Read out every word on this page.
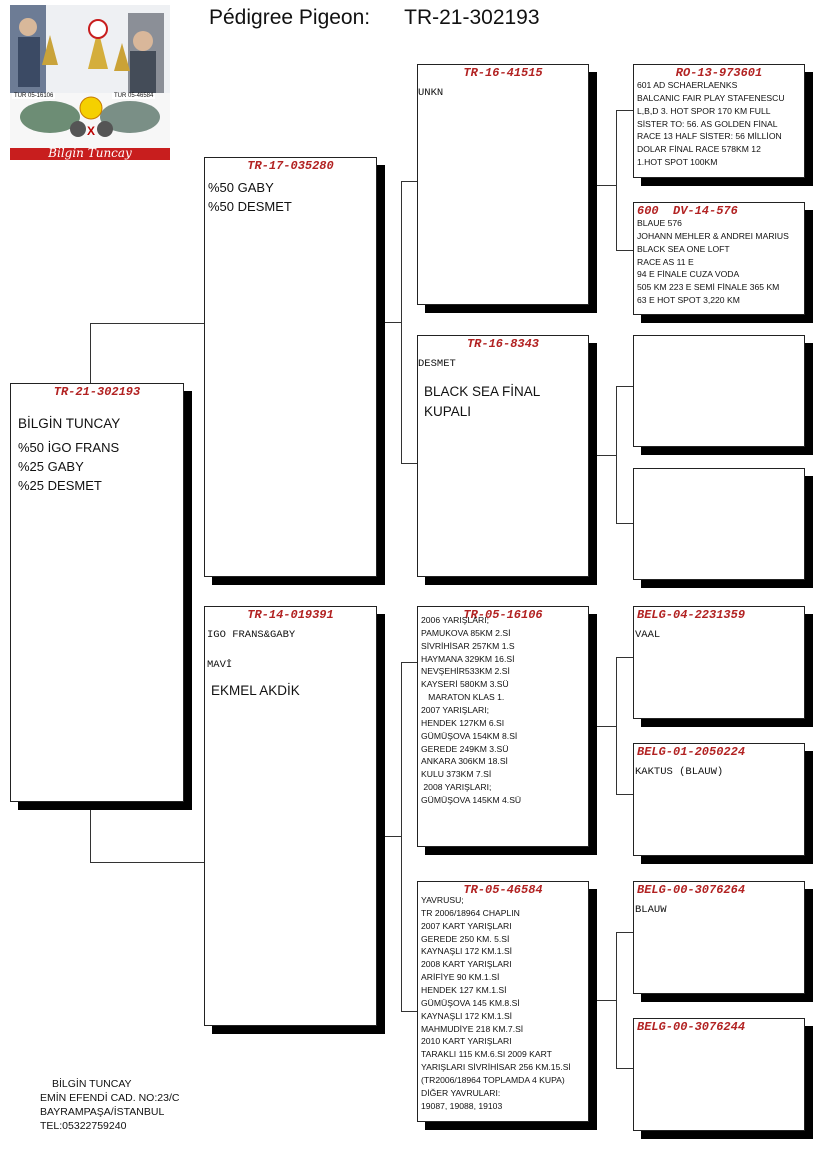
Pédigree Pigeon: TR-21-302193
X
TUR 05-16106	TUR 05-46584
Bilgin Tuncay
TR-21-302193
BİLGİN TUNCAY
%50 İGO FRANS
%25 GABY
%25 DESMET
TR-17-035280
%50 GABY
%50 DESMET
TR-14-019391
IGO FRANS&GABY
MAVİ
EKMEL AKDİK
TR-16-41515
UNKN
TR-16-8343
DESMET
BLACK SEA FİNAL
KUPALI
TR-05-16106
2006 YARIŞLARI;
PAMUKOVA 85KM 2.Sİ
SİVRİHİSAR 257KM 1.S
HAYMANA 329KM 16.Sİ
NEVŞEHİR533KM 2.Sİ
KAYSERİ 580KM 3.SÜ
MARATON KLAS 1.
2007 YARIŞLARI;
HENDEK 127KM 6.SI
GÜMÜŞOVA 154KM 8.Sİ
GEREDE 249KM 3.SÜ
ANKARA 306KM 18.Sİ
KULU 373KM 7.Sİ
2008 YARIŞLARI;
GÜMÜŞOVA 145KM 4.SÜ
TR-05-46584
YAVRUSU;
TR 2006/18964 CHAPLIN
2007 KART YARIŞLARI
GEREDE 250 KM. 5.Sİ
KAYNAŞLI 172 KM.1.Sİ
2008 KART YARIŞLARI
ARİFİYE 90 KM.1.Sİ
HENDEK 127 KM.1.Sİ
GÜMÜŞOVA 145 KM.8.Sİ
KAYNAŞLI 172 KM.1.Sİ
MAHMUDİYE 218 KM.7.Sİ
2010 KART YARIŞLARI
TARAKLI 115 KM.6.SI 2009 KART
YARIŞLARI SİVRİHİSAR 256 KM.15.Sİ
(TR2006/18964 TOPLAMDA 4 KUPA)
DİĞER YAVRULARI:
19087, 19088, 19103
RO-13-973601
601 AD SCHAERLAENKS
BALCANIC FAIR PLAY STAFENESCU
L,B,D 3. HOT SPOR 170 KM FULL
SİSTER TO: 56. AS GOLDEN FİNAL
RACE 13 HALF SİSTER: 56 MİLLİON
DOLAR FİNAL RACE 578KM 12
1.HOT SPOT 100KM
600  DV-14-576
BLAUE 576
JOHANN MEHLER & ANDREI MARIUS
BLACK SEA ONE LOFT
RACE AS 11 E
94 E FİNALE CUZA VODA
505 KM 223 E SEMİ FİNALE 365 KM
63 E HOT SPOT 3,220 KM
BELG-04-2231359
VAAL
BELG-01-2050224
KAKTUS (BLAUW)
BELG-00-3076264
BLAUW
BELG-00-3076244
BİLGİN TUNCAY
EMİN EFENDİ CAD. NO:23/C
BAYRAMPAŞA/İSTANBUL
TEL:05322759240
